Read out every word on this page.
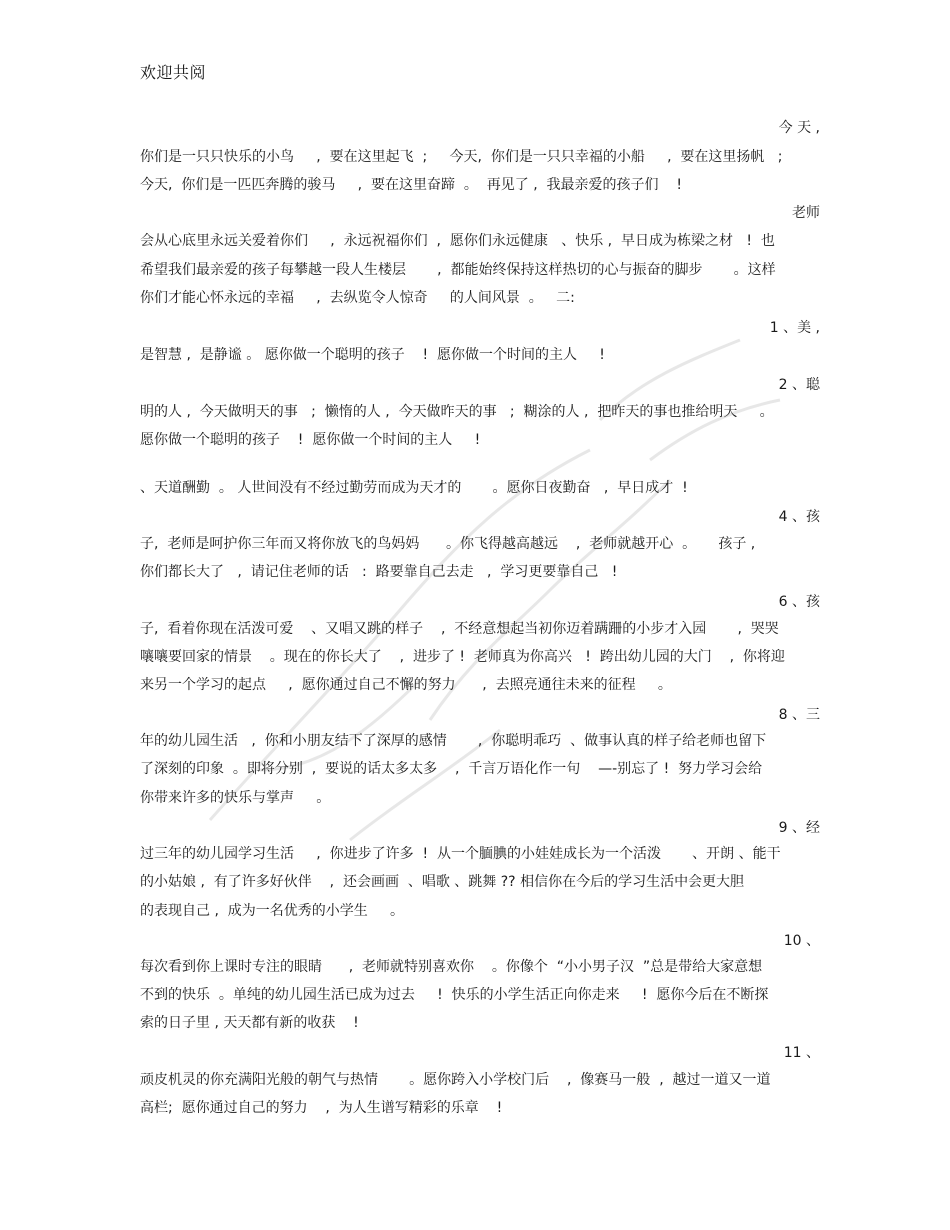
欢迎共阅
今 天 ,
你们是一只只快乐的小鸟     ,  要在这里起飞  ;     今天,  你们是一只只幸福的小船     ,  要在这里扬帆   ;
今天,  你们是一匹匹奔腾的骏马     ,  要在这里奋蹄  。  再见了 ,  我最亲爱的孩子们    !
老师
会从心底里永远关爱着你们     ,  永远祝福你们  ,  愿你们永远健康   、快乐 ,  早日成为栋梁之材   !  也
希望我们最亲爱的孩子每攀越一段人生楼层       ,  都能始终保持这样热切的心与振奋的脚步       。这样
你们才能心怀永远的幸福     ,  去纵览令人惊奇     的人间风景  。   二:
1 、美 ,
是智慧 ,  是静谧 。 愿你做一个聪明的孩子    !  愿你做一个时间的主人     !
2 、聪
明的人 ,  今天做明天的事   ;  懒惰的人 ,  今天做昨天的事   ;  糊涂的人 ,  把昨天的事也推给明天     。
愿你做一个聪明的孩子    !  愿你做一个时间的主人     !
、天道酬勤  。 人世间没有不经过勤劳而成为天才的       。愿你日夜勤奋   ,  早日成才  !
4 、孩
子,  老师是呵护你三年而又将你放飞的鸟妈妈      。你飞得越高越远    ,  老师就越开心  。     孩子 ,
你们都长大了   ,  请记住老师的话   :  路要靠自己去走   ,  学习更要靠自己   !
6 、孩
子,  看着你现在活泼可爱    、又唱又跳的样子    ,  不经意想起当初你迈着蹒跚的小步才入园       ,  哭哭
嚷嚷要回家的情景    。现在的你长大了    ,  进步了 !  老师真为你高兴   !  跨出幼儿园的大门    ,  你将迎
来另一个学习的起点     ,  愿你通过自己不懈的努力      ,  去照亮通往未来的征程     。
8 、三
年的幼儿园生活   ,  你和小朋友结下了深厚的感情       ,  你聪明乖巧  、做事认真的样子给老师也留下
了深刻的印象  。即将分别  ,  要说的话太多太多    ,  千言万语化作一句    —-别忘了 !  努力学习会给
你带来许多的快乐与掌声     。
9 、经
过三年的幼儿园学习生活     ,  你进步了许多  !  从一个腼腆的小娃娃成长为一个活泼       、开朗 、能干
的小姑娘 ,  有了许多好伙伴    ,  还会画画  、唱歌 、跳舞 ?? 相信你在今后的学习生活中会更大胆
的表现自己 ,  成为一名优秀的小学生     。
10 、
每次看到你上课时专注的眼睛      ,  老师就特别喜欢你    。你像个  “小小男子汉  ”总是带给大家意想
不到的快乐  。单纯的幼儿园生活已成为过去     !  快乐的小学生活正向你走来     !  愿你今后在不断探
索的日子里 , 天天都有新的收获    !
11 、
顽皮机灵的你充满阳光般的朝气与热情       。愿你跨入小学校门后    ,  像赛马一般  ,  越过一道又一道
高栏;  愿你通过自己的努力    ,  为人生谱写精彩的乐章    !
